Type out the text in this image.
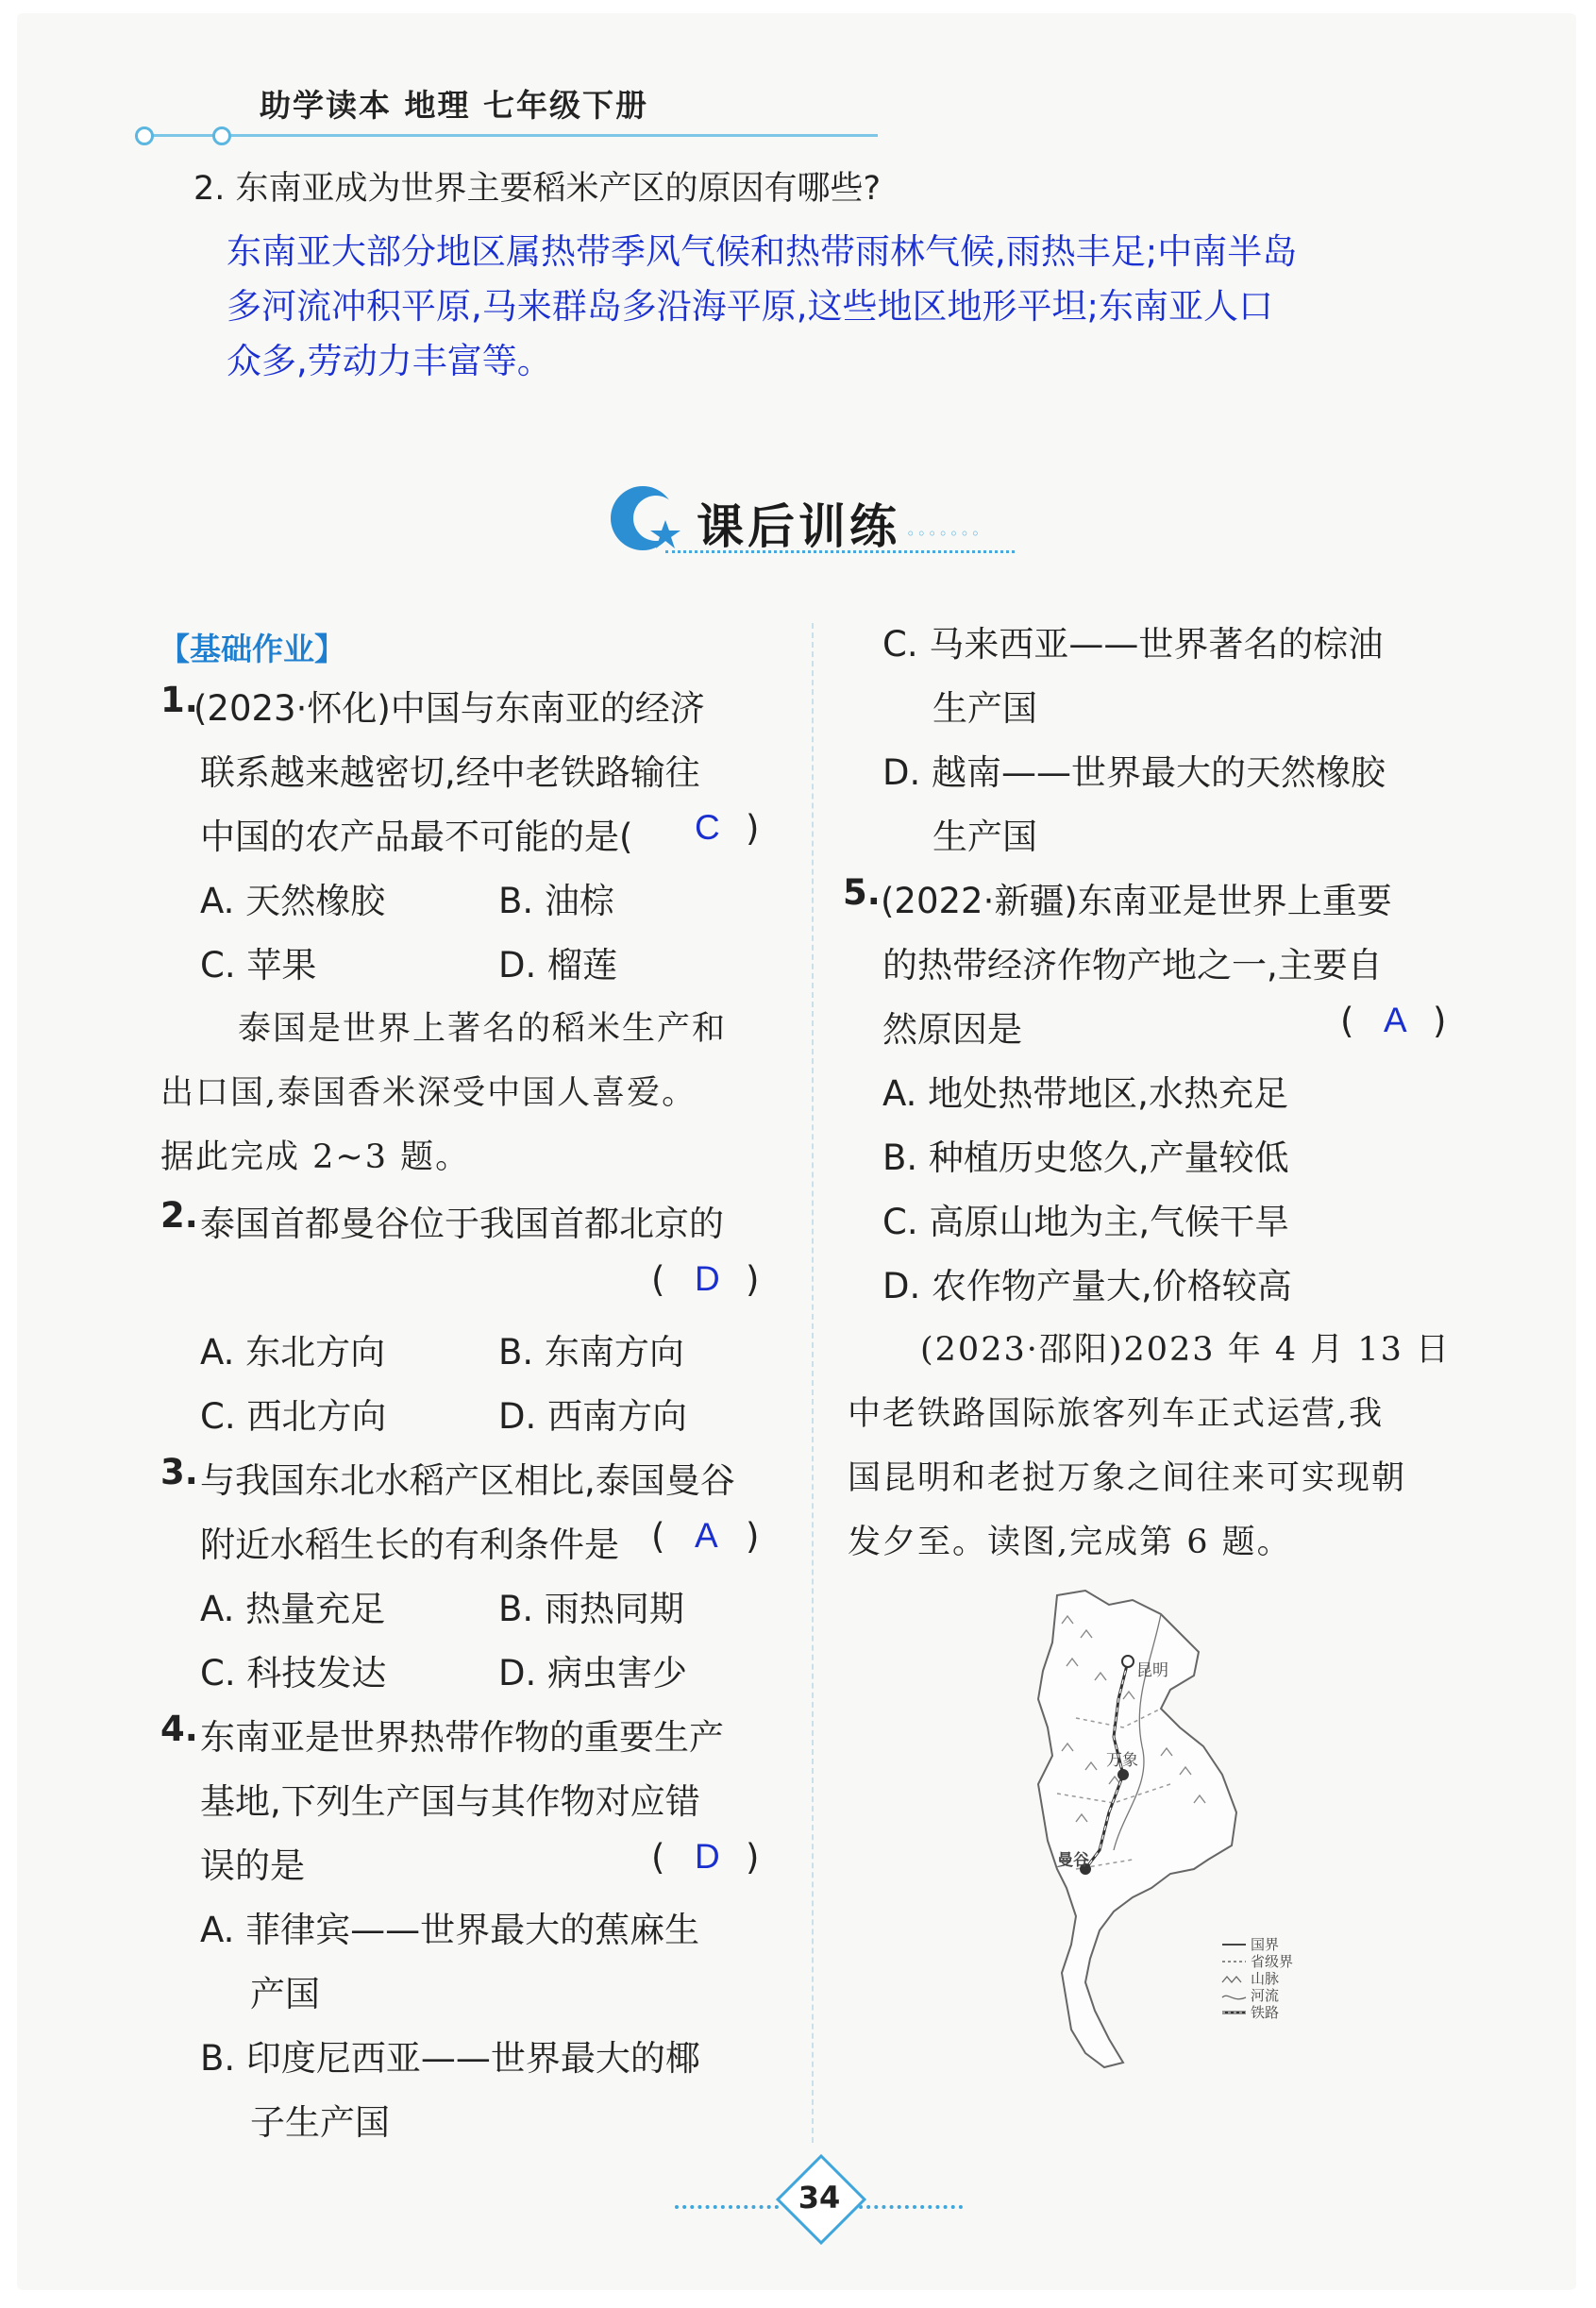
助学读本 地理 七年级下册
2. 东南亚成为世界主要稻米产区的原因有哪些?
东南亚大部分地区属热带季风气候和热带雨林气候,雨热丰足;中南半岛
多河流冲积平原,马来群岛多沿海平原,这些地区地形平坦;东南亚人口
众多,劳动力丰富等。
课后训练 ◦◦◦◦◦◦◦
【基础作业】
1.
(2023·怀化)中国与东南亚的经济
联系越来越密切,经中老铁路输往
中国的农产品最不可能的是( C )
A. 天然橡胶	B. 油棕
C. 苹果	D. 榴莲
泰国是世界上著名的稻米生产和
出口国,泰国香米深受中国人喜爱。
据此完成 2~3 题。
2. 泰国首都曼谷位于我国首都北京的
( D )
A. 东北方向	B. 东南方向
C. 西北方向	D. 西南方向
3. 与我国东北水稻产区相比,泰国曼谷
附近水稻生长的有利条件是 ( A )
A. 热量充足	B. 雨热同期
C. 科技发达	D. 病虫害少
4. 东南亚是世界热带作物的重要生产
基地,下列生产国与其作物对应错
误的是	( D )
A. 菲律宾——世界最大的蕉麻生
产国
B. 印度尼西亚——世界最大的椰
子生产国
C. 马来西亚——世界著名的棕油
生产国
D. 越南——世界最大的天然橡胶
生产国
5. (2022·新疆)东南亚是世界上重要
的热带经济作物产地之一,主要自
然原因是	( A )
A. 地处热带地区,水热充足
B. 种植历史悠久,产量较低
C. 高原山地为主,气候干旱
D. 农作物产量大,价格较高
(2023·邵阳)2023 年 4 月 13 日
中老铁路国际旅客列车正式运营,我
国昆明和老挝万象之间往来可实现朝
发夕至。读图,完成第 6 题。
昆明
万象
曼谷
国界
省级界
山脉
河流
铁路
34
